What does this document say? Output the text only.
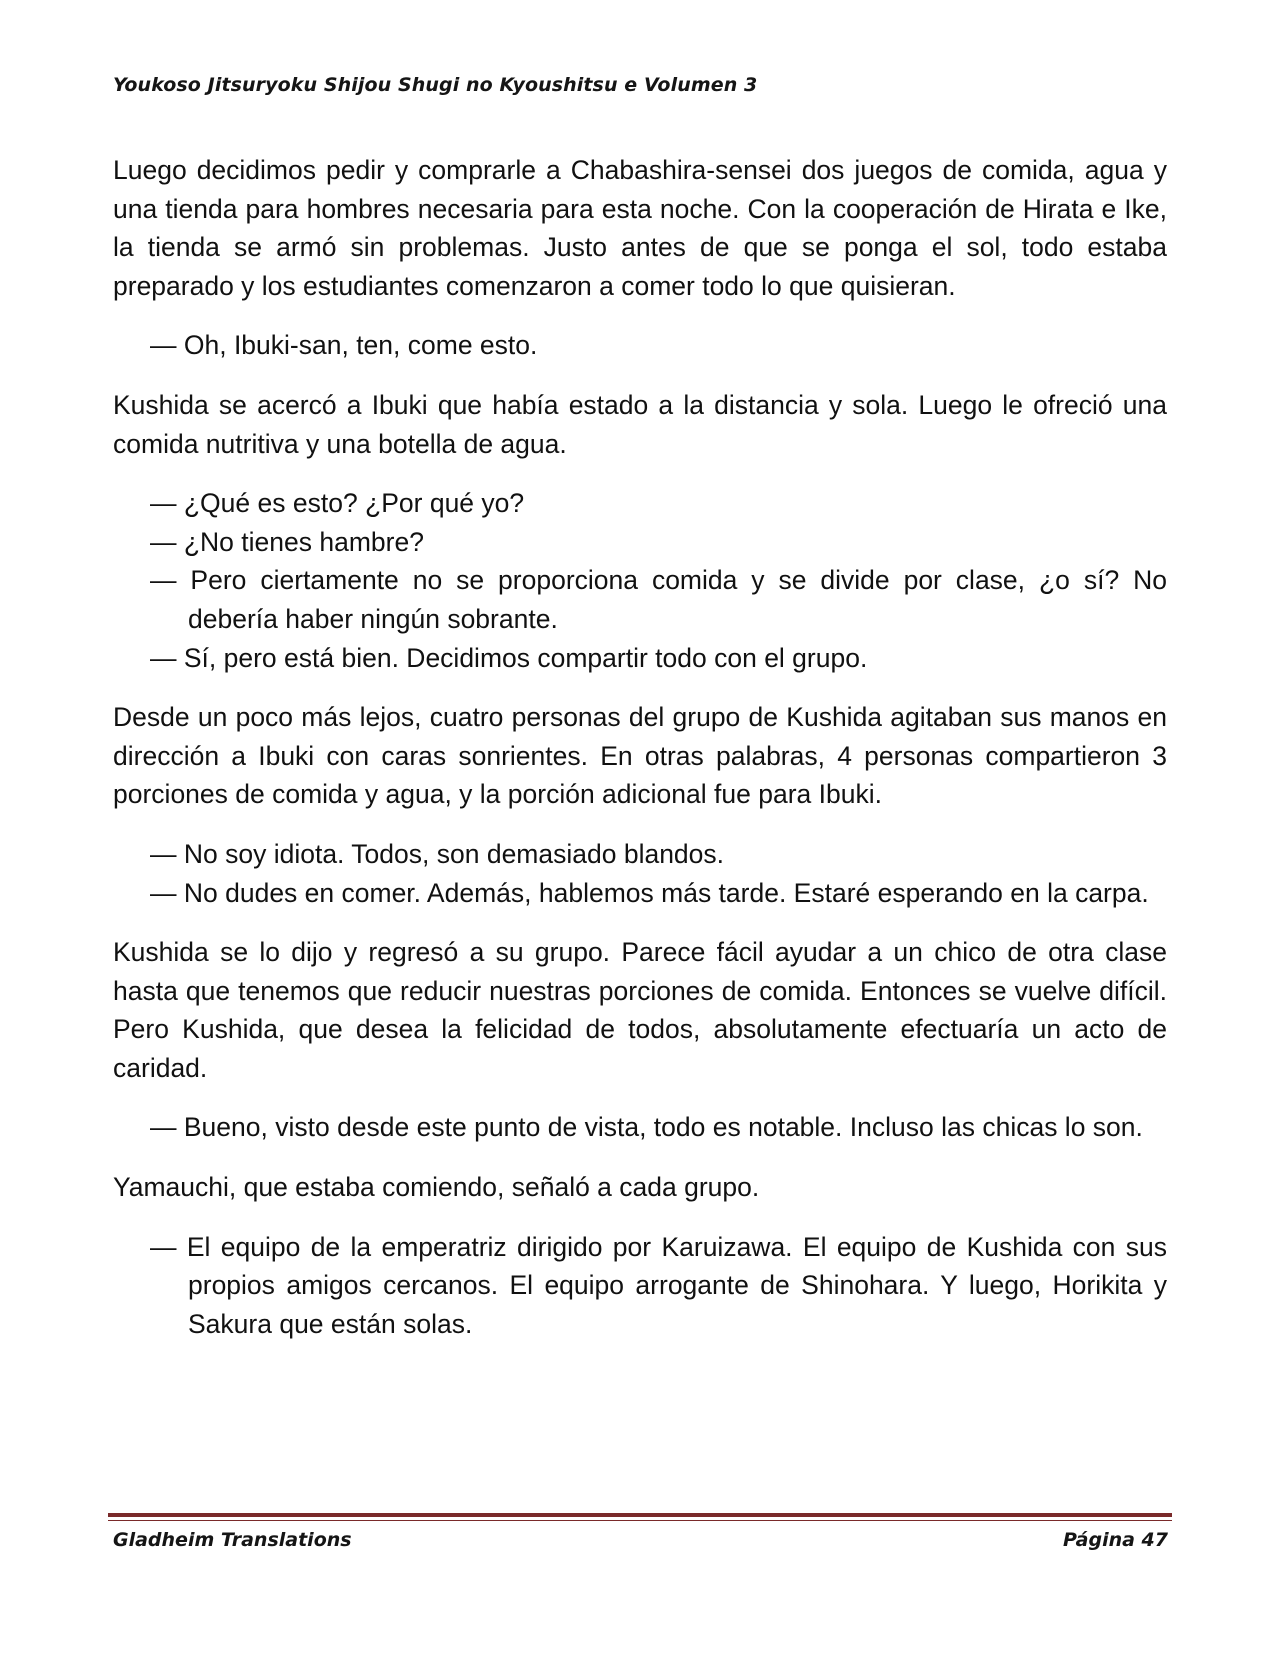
Youkoso Jitsuryoku Shijou Shugi no Kyoushitsu e Volumen 3

Luego decidimos pedir y comprarle a Chabashira-sensei dos juegos de comida, agua y una tienda para hombres necesaria para esta noche. Con la cooperación de Hirata e Ike, la tienda se armó sin problemas. Justo antes de que se ponga el sol, todo estaba preparado y los estudiantes comenzaron a comer todo lo que quisieran.

— Oh, Ibuki-san, ten, come esto.

Kushida se acercó a Ibuki que había estado a la distancia y sola. Luego le ofreció una comida nutritiva y una botella de agua.

— ¿Qué es esto? ¿Por qué yo?

— ¿No tienes hambre?

— Pero ciertamente no se proporciona comida y se divide por clase, ¿o sí? No debería haber ningún sobrante.

— Sí, pero está bien. Decidimos compartir todo con el grupo.

Desde un poco más lejos, cuatro personas del grupo de Kushida agitaban sus manos en dirección a Ibuki con caras sonrientes. En otras palabras, 4 personas compartieron 3 porciones de comida y agua, y la porción adicional fue para Ibuki.

— No soy idiota. Todos, son demasiado blandos.

— No dudes en comer. Además, hablemos más tarde. Estaré esperando en la carpa.

Kushida se lo dijo y regresó a su grupo. Parece fácil ayudar a un chico de otra clase hasta que tenemos que reducir nuestras porciones de comida. Entonces se vuelve difícil. Pero Kushida, que desea la felicidad de todos, absolutamente efectuaría un acto de caridad.

— Bueno, visto desde este punto de vista, todo es notable. Incluso las chicas lo son.

Yamauchi, que estaba comiendo, señaló a cada grupo.

— El equipo de la emperatriz dirigido por Karuizawa. El equipo de Kushida con sus propios amigos cercanos. El equipo arrogante de Shinohara. Y luego, Horikita y Sakura que están solas.

Gladheim Translations	Página 47
